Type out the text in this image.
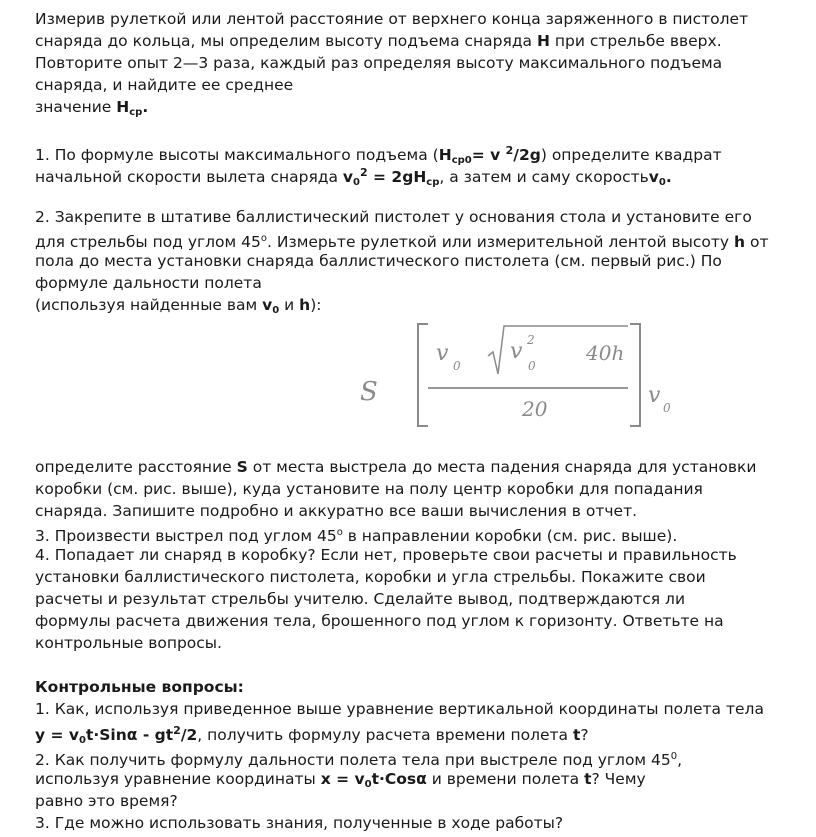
Измерив рулеткой или лентой расстояние от верхнего конца заряженного в пистолет
снаряда до кольца, мы определим высоту подъема снаряда H при стрельбе вверх.
Повторите опыт 2—3 раза, каждый раз определяя высоту максимального подъема
снаряда, и найдите ее среднее
значение $H_{ср}$.
1. По формуле высоты максимального подъема ($H_{ср0}= v$ $^2$/2g) определите квадрат
начальной скорости вылета снаряда $v_0^2 = 2gH_{ср}$, а затем и саму скоростьv$_0$.
2. Закрепите в штативе баллистический пистолет у основания стола и установите его
для стрельбы под углом $45^о$. Измерьте рулеткой или измерительной лентой высоту h от
пола до места установки снаряда баллистического пистолета (см. первый рис.) По
формуле дальности полета
(используя найденные вам $v_0$ и h):
определите расстояние S от места выстрела до места падения снаряда для установки
коробки (см. рис. выше), куда установите на полу центр коробки для попадания
снаряда. Запишите подробно и аккуратно все ваши вычисления в отчет.
3. Произвести выстрел под углом $45^о$ в направлении коробки (см. рис. выше).
4. Попадает ли снаряд в коробку? Если нет, проверьте свои расчеты и правильность
установки баллистического пистолета, коробки и угла стрельбы. Покажите свои
расчеты и результат стрельбы учителю. Сделайте вывод, подтверждаются ли
формулы расчета движения тела, брошенного под углом к горизонту. Ответьте на
контрольные вопросы.
Контрольные вопросы:
1. Как, используя приведенное выше уравнение вертикальной координаты полета тела
$y = v_0t\cdot Sin\alpha - gt^2/2$, получить формулу расчета времени полета t?
2. Как получить формулу дальности полета тела при выстреле под углом $45^0$,
используя уравнение координаты $x = v_0t\cdot Cos\alpha$ и времени полета t? Чему
равно это время?
3. Где можно использовать знания, полученные в ходе работы?
S
v 0
v 2
0
40h
20
v 0
